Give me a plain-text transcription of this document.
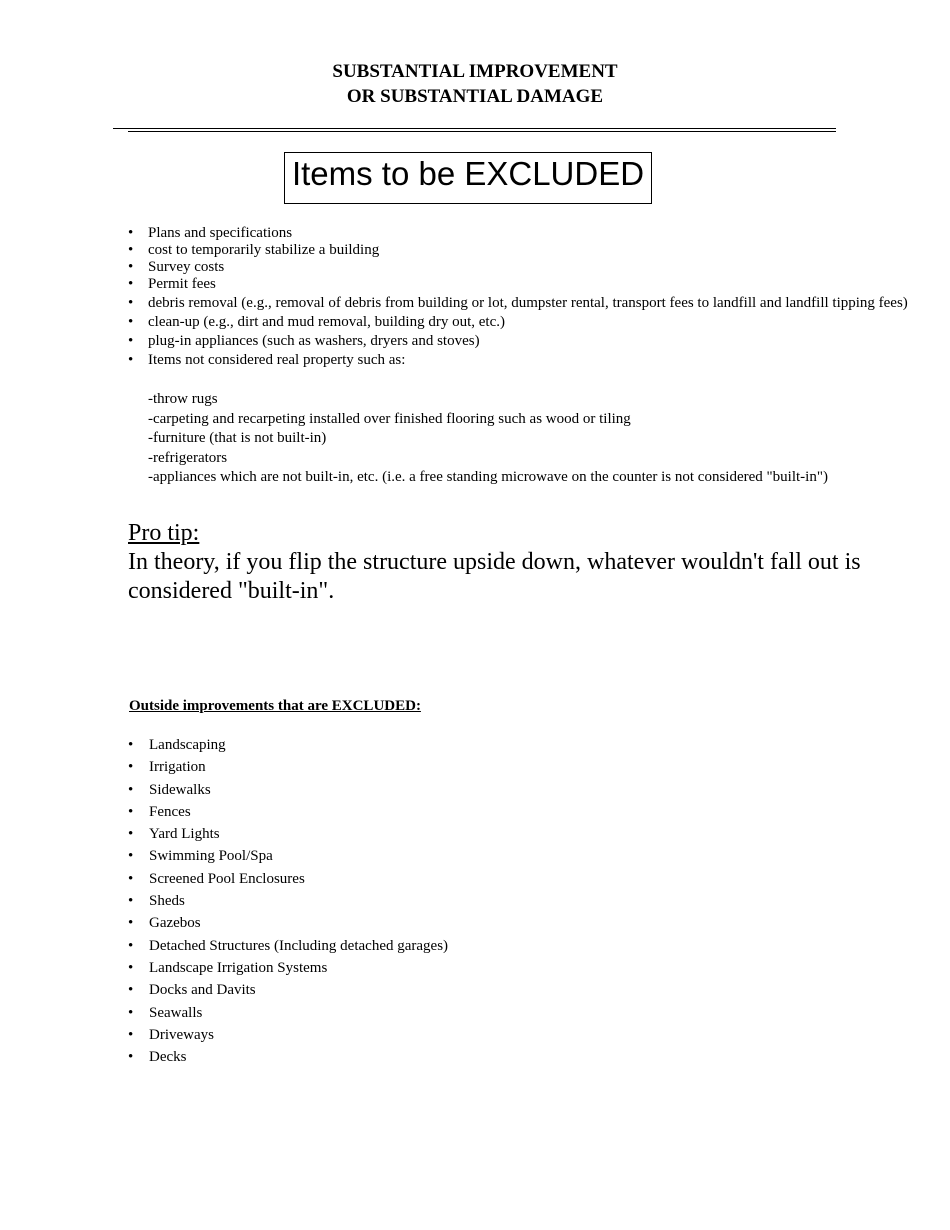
SUBSTANTIAL IMPROVEMENT
OR SUBSTANTIAL DAMAGE
Items to be EXCLUDED
• Plans and specifications
• cost to temporarily stabilize a building
• Survey costs
• Permit fees
• debris removal (e.g., removal of debris from building or lot, dumpster rental, transport fees to landfill and landfill tipping fees)
• clean-up (e.g., dirt and mud removal, building dry out, etc.)
• plug-in appliances (such as washers, dryers and stoves)
• Items not considered real property such as:
-throw rugs
-carpeting and recarpeting installed over finished flooring such as wood or tiling
-furniture (that is not built-in)
-refrigerators
-appliances which are not built-in, etc. (i.e. a free standing microwave on the counter is not considered "built-in")
Pro tip:
In theory, if you flip the structure upside down, whatever wouldn't fall out is considered "built-in".
Outside improvements that are EXCLUDED:
• Landscaping
• Irrigation
• Sidewalks
• Fences
• Yard Lights
• Swimming Pool/Spa
• Screened Pool Enclosures
• Sheds
• Gazebos
• Detached Structures (Including detached garages)
• Landscape Irrigation Systems
• Docks and Davits
• Seawalls
• Driveways
• Decks
